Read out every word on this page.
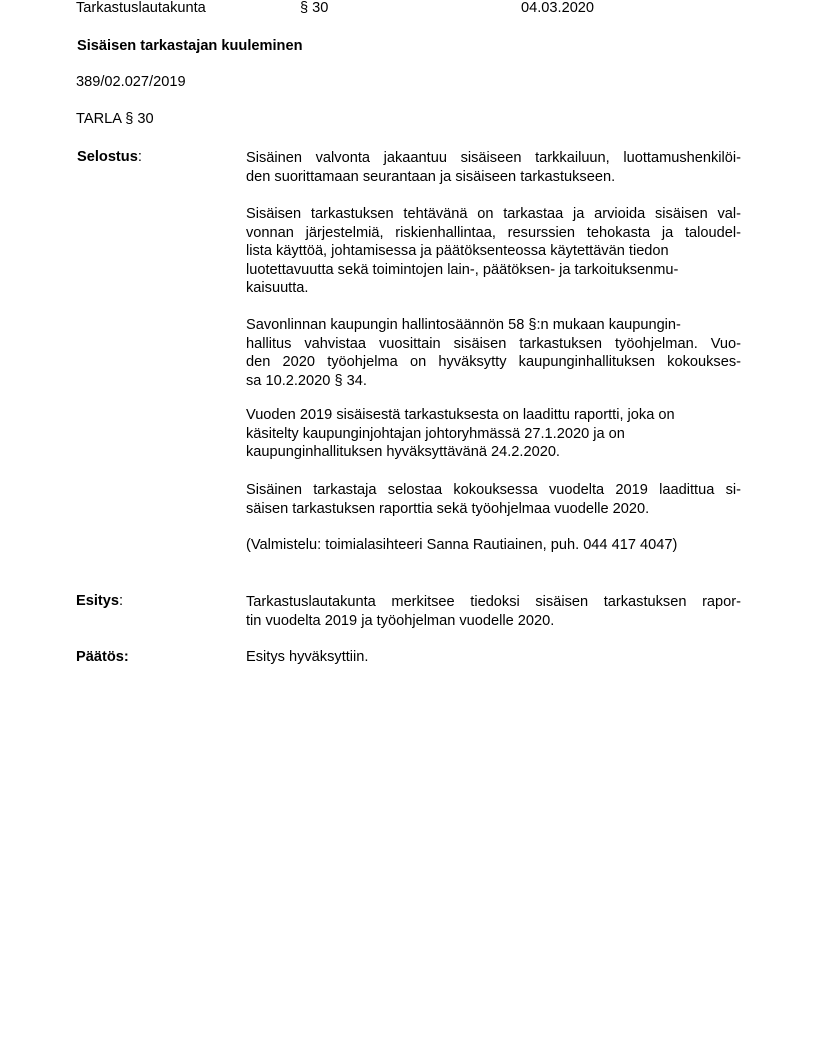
Tarkastuslautakunta	§ 30	04.03.2020
Sisäisen tarkastajan kuuleminen
389/02.027/2019
TARLA § 30
Selostus:	Sisäinen valvonta jakaantuu sisäiseen tarkkailuun, luottamushenkilöi-
den suorittamaan seurantaan ja sisäiseen tarkastukseen.
Sisäisen tarkastuksen tehtävänä on tarkastaa ja arvioida sisäisen val-
vonnan järjestelmiä, riskienhallintaa, resurssien tehokasta ja taloudel-
lista käyttöä, johtamisessa ja päätöksenteossa käytettävän tiedon
luotettavuutta sekä toimintojen lain-, päätöksen- ja tarkoituksenmu-
kaisuutta.
Savonlinnan kaupungin hallintosäännön 58 §:n mukaan kaupungin-
hallitus vahvistaa vuosittain sisäisen tarkastuksen työohjelman. Vuo-
den 2020 työohjelma on hyväksytty kaupunginhallituksen kokoukses-
sa 10.2.2020 § 34.
Vuoden 2019 sisäisestä tarkastuksesta on laadittu raportti, joka on
käsitelty kaupunginjohtajan johtoryhmässä 27.1.2020 ja on
kaupunginhallituksen hyväksyttävänä 24.2.2020.
Sisäinen tarkastaja selostaa kokouksessa vuodelta 2019 laadittua si-
säisen tarkastuksen raporttia sekä työohjelmaa vuodelle 2020.
(Valmistelu: toimialasihteeri Sanna Rautiainen, puh. 044 417 4047)
Esitys:	Tarkastuslautakunta merkitsee tiedoksi sisäisen tarkastuksen rapor-
tin vuodelta 2019 ja työohjelman vuodelle 2020.
Päätös:	Esitys hyväksyttiin.
